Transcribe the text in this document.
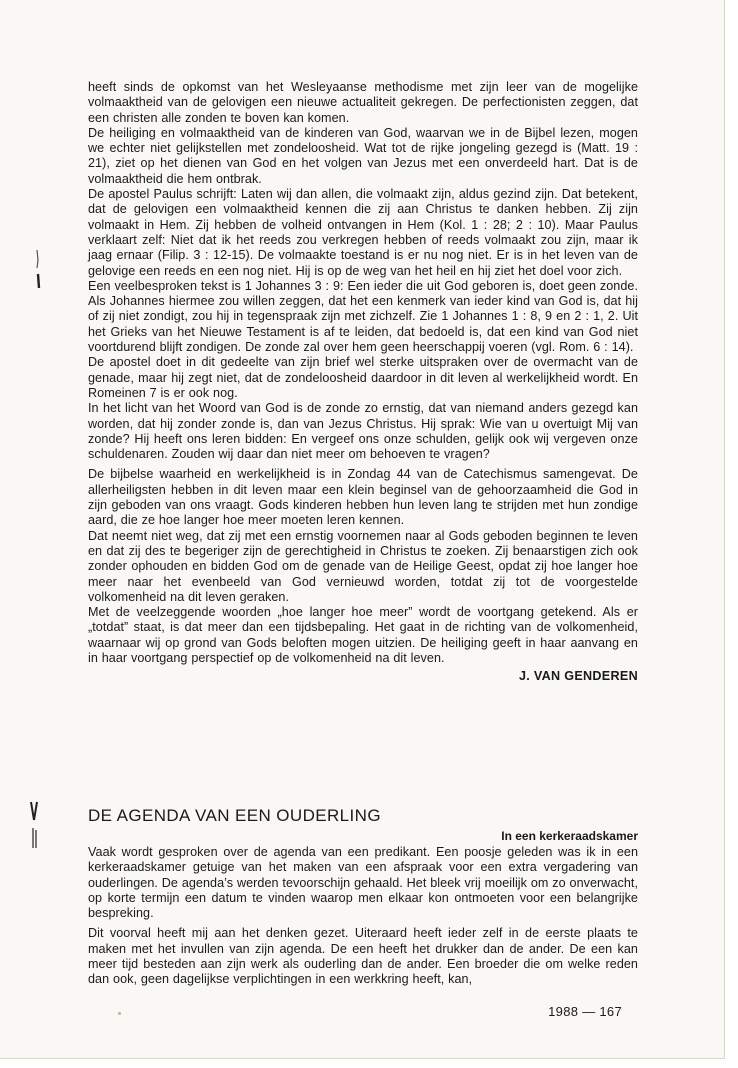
heeft sinds de opkomst van het Wesleyaanse methodisme met zijn leer van de mogelijke volmaaktheid van de gelovigen een nieuwe actualiteit gekregen. De perfectionisten zeggen, dat een christen alle zonden te boven kan komen.

De heiliging en volmaaktheid van de kinderen van God, waarvan we in de Bijbel lezen, mogen we echter niet gelijkstellen met zondeloosheid. Wat tot de rijke jongeling gezegd is (Matt. 19 : 21), ziet op het dienen van God en het volgen van Jezus met een onverdeeld hart. Dat is de volmaaktheid die hem ontbrak.

De apostel Paulus schrijft: Laten wij dan allen, die volmaakt zijn, aldus gezind zijn. Dat betekent, dat de gelovigen een volmaaktheid kennen die zij aan Christus te danken hebben. Zij zijn volmaakt in Hem. Zij hebben de volheid ontvangen in Hem (Kol. 1 : 28; 2 : 10). Maar Paulus verklaart zelf: Niet dat ik het reeds zou verkregen hebben of reeds volmaakt zou zijn, maar ik jaag ernaar (Filip. 3 : 12-15). De volmaakte toestand is er nu nog niet. Er is in het leven van de gelovige een reeds en een nog niet. Hij is op de weg van het heil en hij ziet het doel voor zich.

Een veelbesproken tekst is 1 Johannes 3 : 9: Een ieder die uit God geboren is, doet geen zonde. Als Johannes hiermee zou willen zeggen, dat het een kenmerk van ieder kind van God is, dat hij of zij niet zondigt, zou hij in tegenspraak zijn met zichzelf. Zie 1 Johannes 1 : 8, 9 en 2 : 1, 2. Uit het Grieks van het Nieuwe Testament is af te leiden, dat bedoeld is, dat een kind van God niet voortdurend blijft zondigen. De zonde zal over hem geen heerschappij voeren (vgl. Rom. 6 : 14).

De apostel doet in dit gedeelte van zijn brief wel sterke uitspraken over de overmacht van de genade, maar hij zegt niet, dat de zondeloosheid daardoor in dit leven al werkelijkheid wordt. En Romeinen 7 is er ook nog.

In het licht van het Woord van God is de zonde zo ernstig, dat van niemand anders gezegd kan worden, dat hij zonder zonde is, dan van Jezus Christus. Hij sprak: Wie van u overtuigt Mij van zonde? Hij heeft ons leren bidden: En vergeef ons onze schulden, gelijk ook wij vergeven onze schuldenaren. Zouden wij daar dan niet meer om behoeven te vragen?

De bijbelse waarheid en werkelijkheid is in Zondag 44 van de Catechismus samengevat. De allerheiligsten hebben in dit leven maar een klein beginsel van de gehoorzaamheid die God in zijn geboden van ons vraagt. Gods kinderen hebben hun leven lang te strijden met hun zondige aard, die ze hoe langer hoe meer moeten leren kennen.

Dat neemt niet weg, dat zij met een ernstig voornemen naar al Gods geboden beginnen te leven en dat zij des te begeriger zijn de gerechtigheid in Christus te zoeken. Zij benaarstigen zich ook zonder ophouden en bidden God om de genade van de Heilige Geest, opdat zij hoe langer hoe meer naar het evenbeeld van God vernieuwd worden, totdat zij tot de voorgestelde volkomenheid na dit leven geraken.

Met de veelzeggende woorden „hoe langer hoe meer” wordt de voortgang getekend. Als er „totdat” staat, is dat meer dan een tijdsbepaling. Het gaat in de richting van de volkomenheid, waarnaar wij op grond van Gods beloften mogen uitzien. De heiliging geeft in haar aanvang en in haar voortgang perspectief op de volkomenheid na dit leven.

J. VAN GENDEREN

DE AGENDA VAN EEN OUDERLING

In een kerkeraadskamer

Vaak wordt gesproken over de agenda van een predikant. Een poosje geleden was ik in een kerkeraadskamer getuige van het maken van een afspraak voor een extra vergadering van ouderlingen. De agenda’s werden tevoorschijn gehaald. Het bleek vrij moeilijk om zo onverwacht, op korte termijn een datum te vinden waarop men elkaar kon ontmoeten voor een belangrijke bespreking.

Dit voorval heeft mij aan het denken gezet. Uiteraard heeft ieder zelf in de eerste plaats te maken met het invullen van zijn agenda. De een heeft het drukker dan de ander. De een kan meer tijd besteden aan zijn werk als ouderling dan de ander. Een broeder die om welke reden dan ook, geen dagelijkse verplichtingen in een werkkring heeft, kan,

1988 — 167
